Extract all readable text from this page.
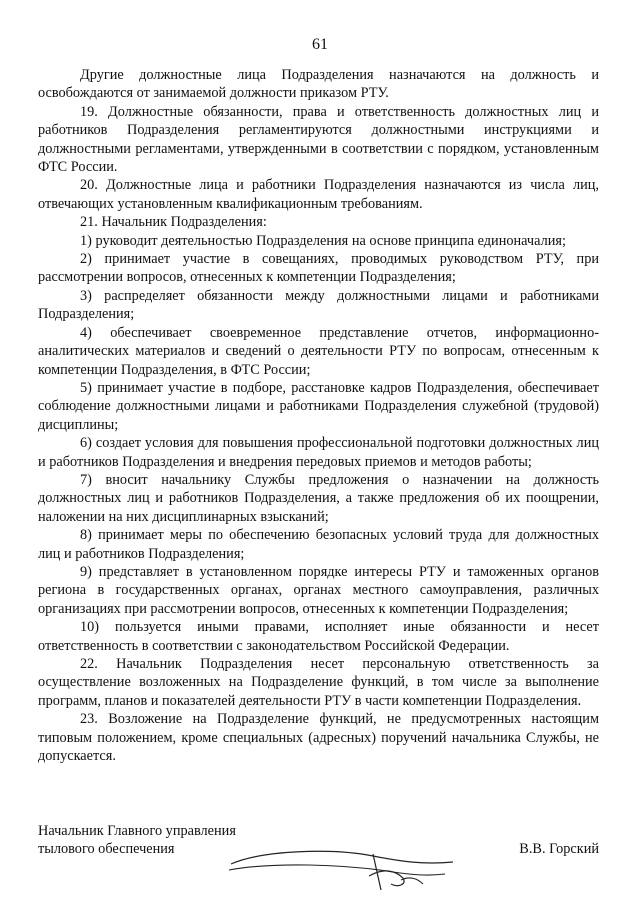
61

Другие должностные лица Подразделения назначаются на должность и освобождаются от занимаемой должности приказом РТУ.

19. Должностные обязанности, права и ответственность должностных лиц и работников Подразделения регламентируются должностными инструкциями и должностными регламентами, утвержденными в соответствии с порядком, установленным ФТС России.

20. Должностные лица и работники Подразделения назначаются из числа лиц, отвечающих установленным квалификационным требованиям.

21. Начальник Подразделения:

1) руководит деятельностью Подразделения на основе принципа единоначалия;

2) принимает участие в совещаниях, проводимых руководством РТУ, при рассмотрении вопросов, отнесенных к компетенции Подразделения;

3) распределяет обязанности между должностными лицами и работниками Подразделения;

4) обеспечивает своевременное представление отчетов, информационно-аналитических материалов и сведений о деятельности РТУ по вопросам, отнесенным к компетенции Подразделения, в ФТС России;

5) принимает участие в подборе, расстановке кадров Подразделения, обеспечивает соблюдение должностными лицами и работниками Подразделения служебной (трудовой) дисциплины;

6) создает условия для повышения профессиональной подготовки должностных лиц и работников Подразделения и внедрения передовых приемов и методов работы;

7) вносит начальнику Службы предложения о назначении на должность должностных лиц и работников Подразделения, а также предложения об их поощрении, наложении на них дисциплинарных взысканий;

8) принимает меры по обеспечению безопасных условий труда для должностных лиц и работников Подразделения;

9) представляет в установленном порядке интересы РТУ и таможенных органов региона в государственных органах, органах местного самоуправления, различных организациях при рассмотрении вопросов, отнесенных к компетенции Подразделения;

10) пользуется иными правами, исполняет иные обязанности и несет ответственность в соответствии с законодательством Российской Федерации.

22. Начальник Подразделения несет персональную ответственность за осуществление возложенных на Подразделение функций, в том числе за выполнение программ, планов и показателей деятельности РТУ в части компетенции Подразделения.

23. Возложение на Подразделение функций, не предусмотренных настоящим типовым положением, кроме специальных (адресных) поручений начальника Службы, не допускается.

Начальник Главного управления
тылового обеспечения	В.В. Горский
